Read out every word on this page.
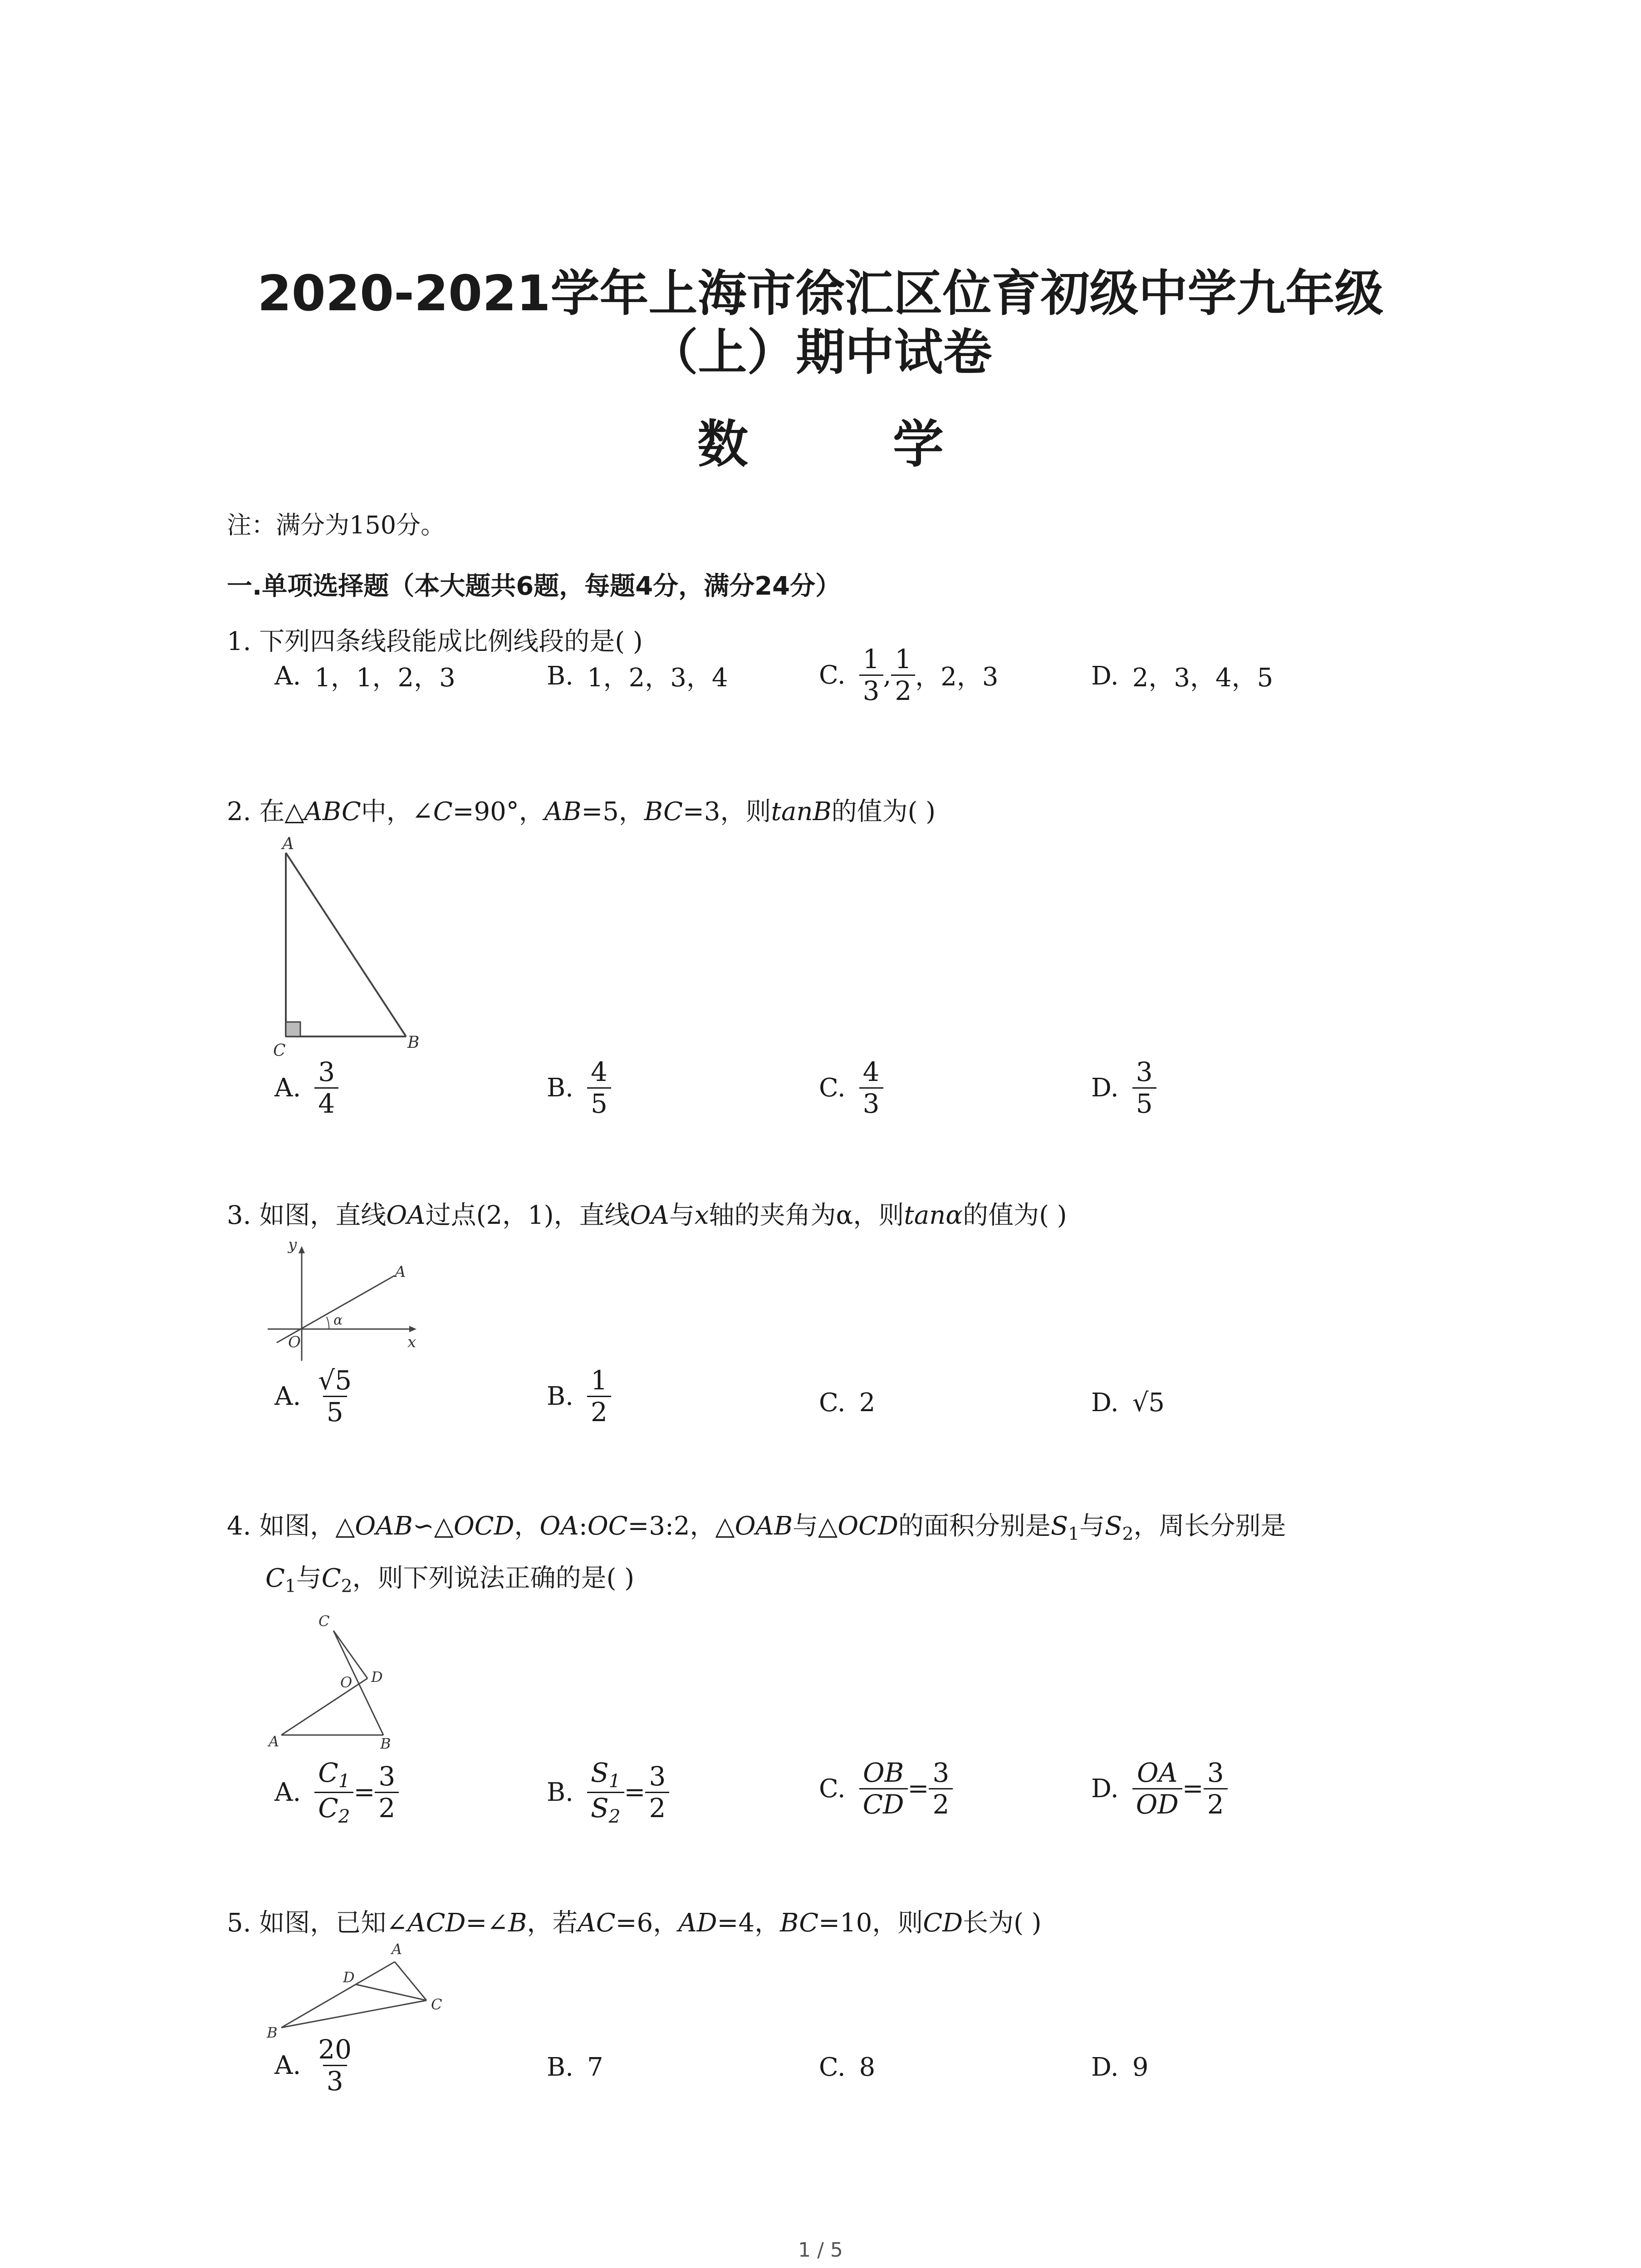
2020-2021学年上海市徐汇区位育初级中学九年级
（上）期中试卷
数 学
注：满分为150分。
一.单项选择题（本大题共6题，每题4分，满分24分）
1. 下列四条线段能成比例线段的是( )
A. 1，1，2，3	B. 1，2，3，4	C. $\frac{1}{3}$ , $\frac{1}{2}$ ，2，3	D. 2，3，4，5
2. 在△ABC中，∠C=90°，AB=5，BC=3，则tanB的值为( )
A
C	B
A. $\frac{3}{4}$	B. $\frac{4}{5}$	C. $\frac{4}{3}$	D. $\frac{3}{5}$
3. 如图，直线OA过点(2，1)，直线OA与x轴的夹角为α，则tanα的值为( )
y
A
α
O	x
A. $\frac{√5}{5}$	B. $\frac{1}{2}$	C. 2	D. √5
4. 如图，△OAB∽△OCD，OA:OC=3:2，△OAB与△OCD的面积分别是$S_1$与$S_2$，周长分别是
$C_1$与$C_2$，则下列说法正确的是( )
C
D
O
A	B
A. $\frac{C_1}{C_2} = \frac{3}{2}$	B. $\frac{S_1}{S_2} = \frac{3}{2}$	C. $\frac{OB}{CD} = \frac{3}{2}$	D. $\frac{OA}{OD} = \frac{3}{2}$
5. 如图，已知∠ACD=∠B，若AC=6，AD=4，BC=10，则CD长为( )
A
D
C
B
A. $\frac{20}{3}$	B. 7	C. 8	D. 9
1 / 5
